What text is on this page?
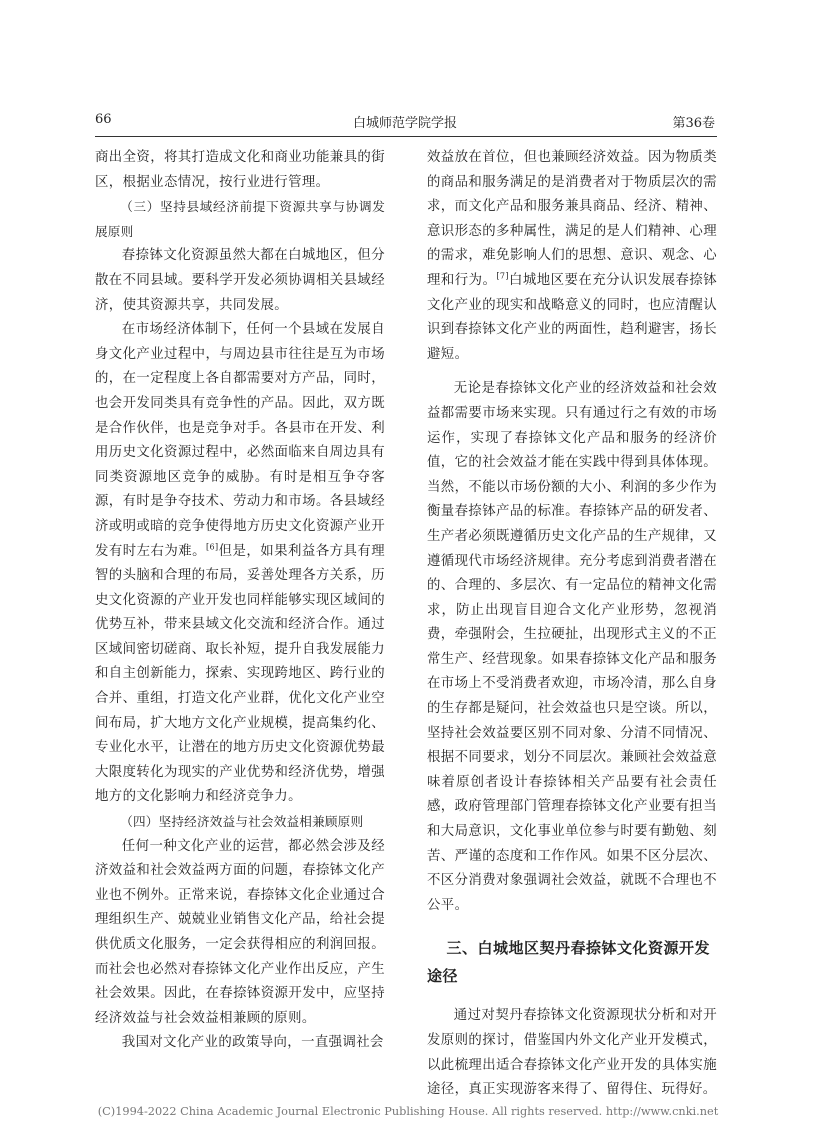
66	白城师范学院学报	第36卷

商出全资，将其打造成文化和商业功能兼具的街区，根据业态情况，按行业进行管理。

（三）坚持县域经济前提下资源共享与协调发展原则

春捺钵文化资源虽然大都在白城地区，但分散在不同县域。要科学开发必须协调相关县域经济，使其资源共享，共同发展。

在市场经济体制下，任何一个县域在发展自身文化产业过程中，与周边县市往往是互为市场的，在一定程度上各自都需要对方产品，同时，也会开发同类具有竞争性的产品。因此，双方既是合作伙伴，也是竞争对手。各县市在开发、利用历史文化资源过程中，必然面临来自周边具有同类资源地区竞争的威胁。有时是相互争夺客源，有时是争夺技术、劳动力和市场。各县域经济或明或暗的竞争使得地方历史文化资源产业开发有时左右为难。[6]但是，如果利益各方具有理智的头脑和合理的布局，妥善处理各方关系，历史文化资源的产业开发也同样能够实现区域间的优势互补，带来县域文化交流和经济合作。通过区域间密切磋商、取长补短，提升自我发展能力和自主创新能力，探索、实现跨地区、跨行业的合并、重组，打造文化产业群，优化文化产业空间布局，扩大地方文化产业规模，提高集约化、专业化水平，让潜在的地方历史文化资源优势最大限度转化为现实的产业优势和经济优势，增强地方的文化影响力和经济竞争力。

（四）坚持经济效益与社会效益相兼顾原则

任何一种文化产业的运营，都必然会涉及经济效益和社会效益两方面的问题，春捺钵文化产业也不例外。正常来说，春捺钵文化企业通过合理组织生产、兢兢业业销售文化产品，给社会提供优质文化服务，一定会获得相应的利润回报。而社会也必然对春捺钵文化产业作出反应，产生社会效果。因此，在春捺钵资源开发中，应坚持经济效益与社会效益相兼顾的原则。

我国对文化产业的政策导向，一直强调社会

效益放在首位，但也兼顾经济效益。因为物质类的商品和服务满足的是消费者对于物质层次的需求，而文化产品和服务兼具商品、经济、精神、意识形态的多种属性，满足的是人们精神、心理的需求，难免影响人们的思想、意识、观念、心理和行为。[7]白城地区要在充分认识发展春捺钵文化产业的现实和战略意义的同时，也应清醒认识到春捺钵文化产业的两面性，趋利避害，扬长避短。

无论是春捺钵文化产业的经济效益和社会效益都需要市场来实现。只有通过行之有效的市场运作，实现了春捺钵文化产品和服务的经济价值，它的社会效益才能在实践中得到具体体现。当然，不能以市场份额的大小、利润的多少作为衡量春捺钵产品的标准。春捺钵产品的研发者、生产者必须既遵循历史文化产品的生产规律，又遵循现代市场经济规律。充分考虑到消费者潜在的、合理的、多层次、有一定品位的精神文化需求，防止出现盲目迎合文化产业形势，忽视消费，牵强附会，生拉硬扯，出现形式主义的不正常生产、经营现象。如果春捺钵文化产品和服务在市场上不受消费者欢迎，市场冷清，那么自身的生存都是疑问，社会效益也只是空谈。所以，坚持社会效益要区别不同对象、分清不同情况、根据不同要求，划分不同层次。兼顾社会效益意味着原创者设计春捺钵相关产品要有社会责任感，政府管理部门管理春捺钵文化产业要有担当和大局意识，文化事业单位参与时要有勤勉、刻苦、严谨的态度和工作作风。如果不区分层次、不区分消费对象强调社会效益，就既不合理也不公平。

三、白城地区契丹春捺钵文化资源开发途径

通过对契丹春捺钵文化资源现状分析和对开发原则的探讨，借鉴国内外文化产业开发模式，以此梳理出适合春捺钵文化产业开发的具体实施途径，真正实现游客来得了、留得住、玩得好。

(C)1994-2022 China Academic Journal Electronic Publishing House. All rights reserved. http://www.cnki.net
